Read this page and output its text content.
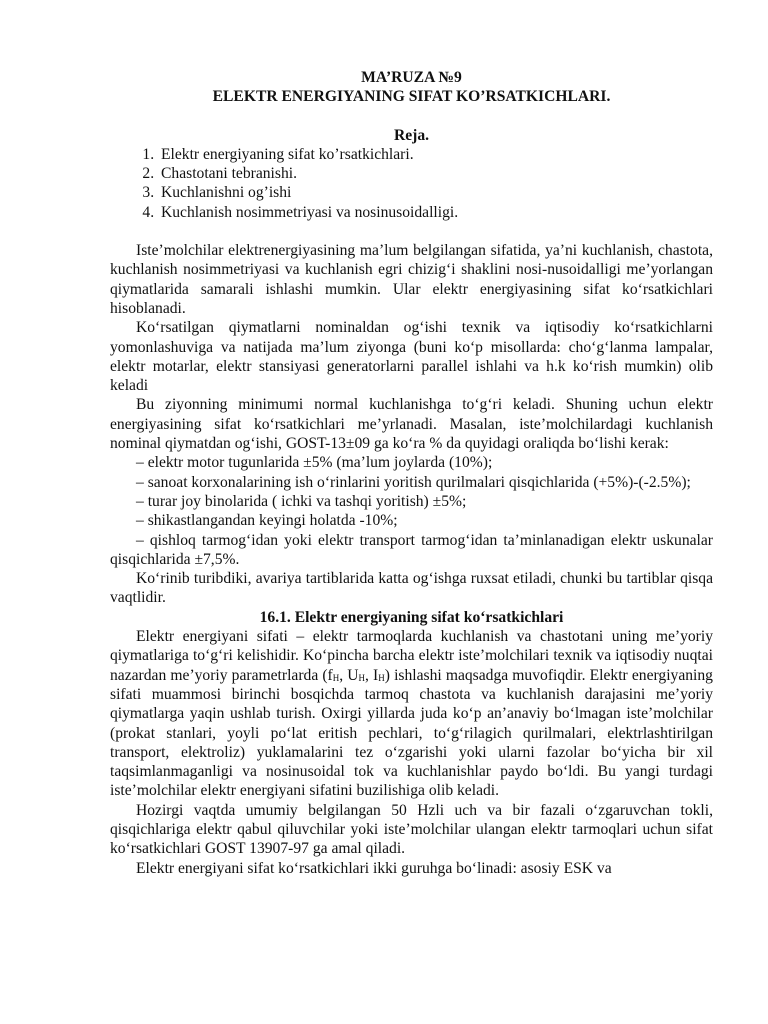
MA’RUZA №9
ELEKTR ENERGIYANING SIFAT KO’RSATKICHLARI.
Reja.
1. Elektr energiyaning sifat ko’rsatkichlari.
2. Chastotani tebranishi.
3. Kuchlanishni og’ishi
4. Kuchlanish nosimmetriyasi va nosinusoidalligi.

Iste’molchilar elektrenergiyasining ma’lum belgilangan sifatida, ya’ni kuchlanish, chastota, kuchlanish nosimmetriyasi va kuchlanish egri chizig‘i shaklini nosi-nusoidalligi me’yorlangan qiymatlarida samarali ishlashi mumkin. Ular elektr energiyasining sifat ko‘rsatkichlari hisoblanadi.

Ko‘rsatilgan qiymatlarni nominaldan og‘ishi texnik va iqtisodiy ko‘rsatkichlarni yomonlashuviga va natijada ma’lum ziyonga (buni ko‘p misollarda: cho‘g‘lanma lampalar, elektr motarlar, elektr stansiyasi generatorlarni parallel ishlahi va h.k ko‘rish mumkin) olib keladi

Bu ziyonning minimumi normal kuchlanishga to‘g‘ri keladi. Shuning uchun elektr energiyasining sifat ko‘rsatkichlari me’yrlanadi. Masalan, iste’molchilardagi kuchlanish nominal qiymatdan og‘ishi, GOST-13±09 ga ko‘ra % da quyidagi oraliqda bo‘lishi kerak:

– elektr motor tugunlarida ±5% (ma’lum joylarda (10%);

– sanoat korxonalarining ish o‘rinlarini yoritish qurilmalari qisqichlarida (+5%)-(-2.5%);

– turar joy binolarida ( ichki va tashqi yoritish) ±5%;

– shikastlangandan keyingi holatda -10%;

– qishloq tarmog‘idan yoki elektr transport tarmog‘idan ta’minlanadigan elektr uskunalar qisqichlarida ±7,5%.

Ko‘rinib turibdiki, avariya tartiblarida katta og‘ishga ruxsat etiladi, chunki bu tartiblar qisqa vaqtlidir.

16.1. Elektr energiyaning sifat ko‘rsatkichlari

Elektr energiyani sifati – elektr tarmoqlarda kuchlanish va chastotani uning me’yoriy qiymatlariga to‘g‘ri kelishidir. Ko‘pincha barcha elektr iste’molchilari texnik va iqtisodiy nuqtai nazardan me’yoriy parametrlarda ($f_H$, $U_H$, $I_H$) ishlashi maqsadga muvofiqdir. Elektr energiyaning sifati muammosi birinchi bosqichda tarmoq chastota va kuchlanish darajasini me’yoriy qiymatlarga yaqin ushlab turish. Oxirgi yillarda juda ko‘p an’anaviy bo‘lmagan iste’molchilar (prokat stanlari, yoyli po‘lat eritish pechlari, to‘g‘rilagich qurilmalari, elektrlashtirilgan transport, elektroliz) yuklamalarini tez o‘zgarishi yoki ularni fazolar bo‘yicha bir xil taqsimlanmaganligi va nosinusoidal tok va kuchlanishlar paydo bo‘ldi. Bu yangi turdagi iste’molchilar elektr energiyani sifatini buzilishiga olib keladi.

Hozirgi vaqtda umumiy belgilangan 50 Hzli uch va bir fazali o‘zgaruvchan tokli, qisqichlariga elektr qabul qiluvchilar yoki iste’molchilar ulangan elektr tarmoqlari uchun sifat ko‘rsatkichlari GOST 13907-97 ga amal qiladi.

Elektr energiyani sifat ko‘rsatkichlari ikki guruhga bo‘linadi: asosiy ESK va
